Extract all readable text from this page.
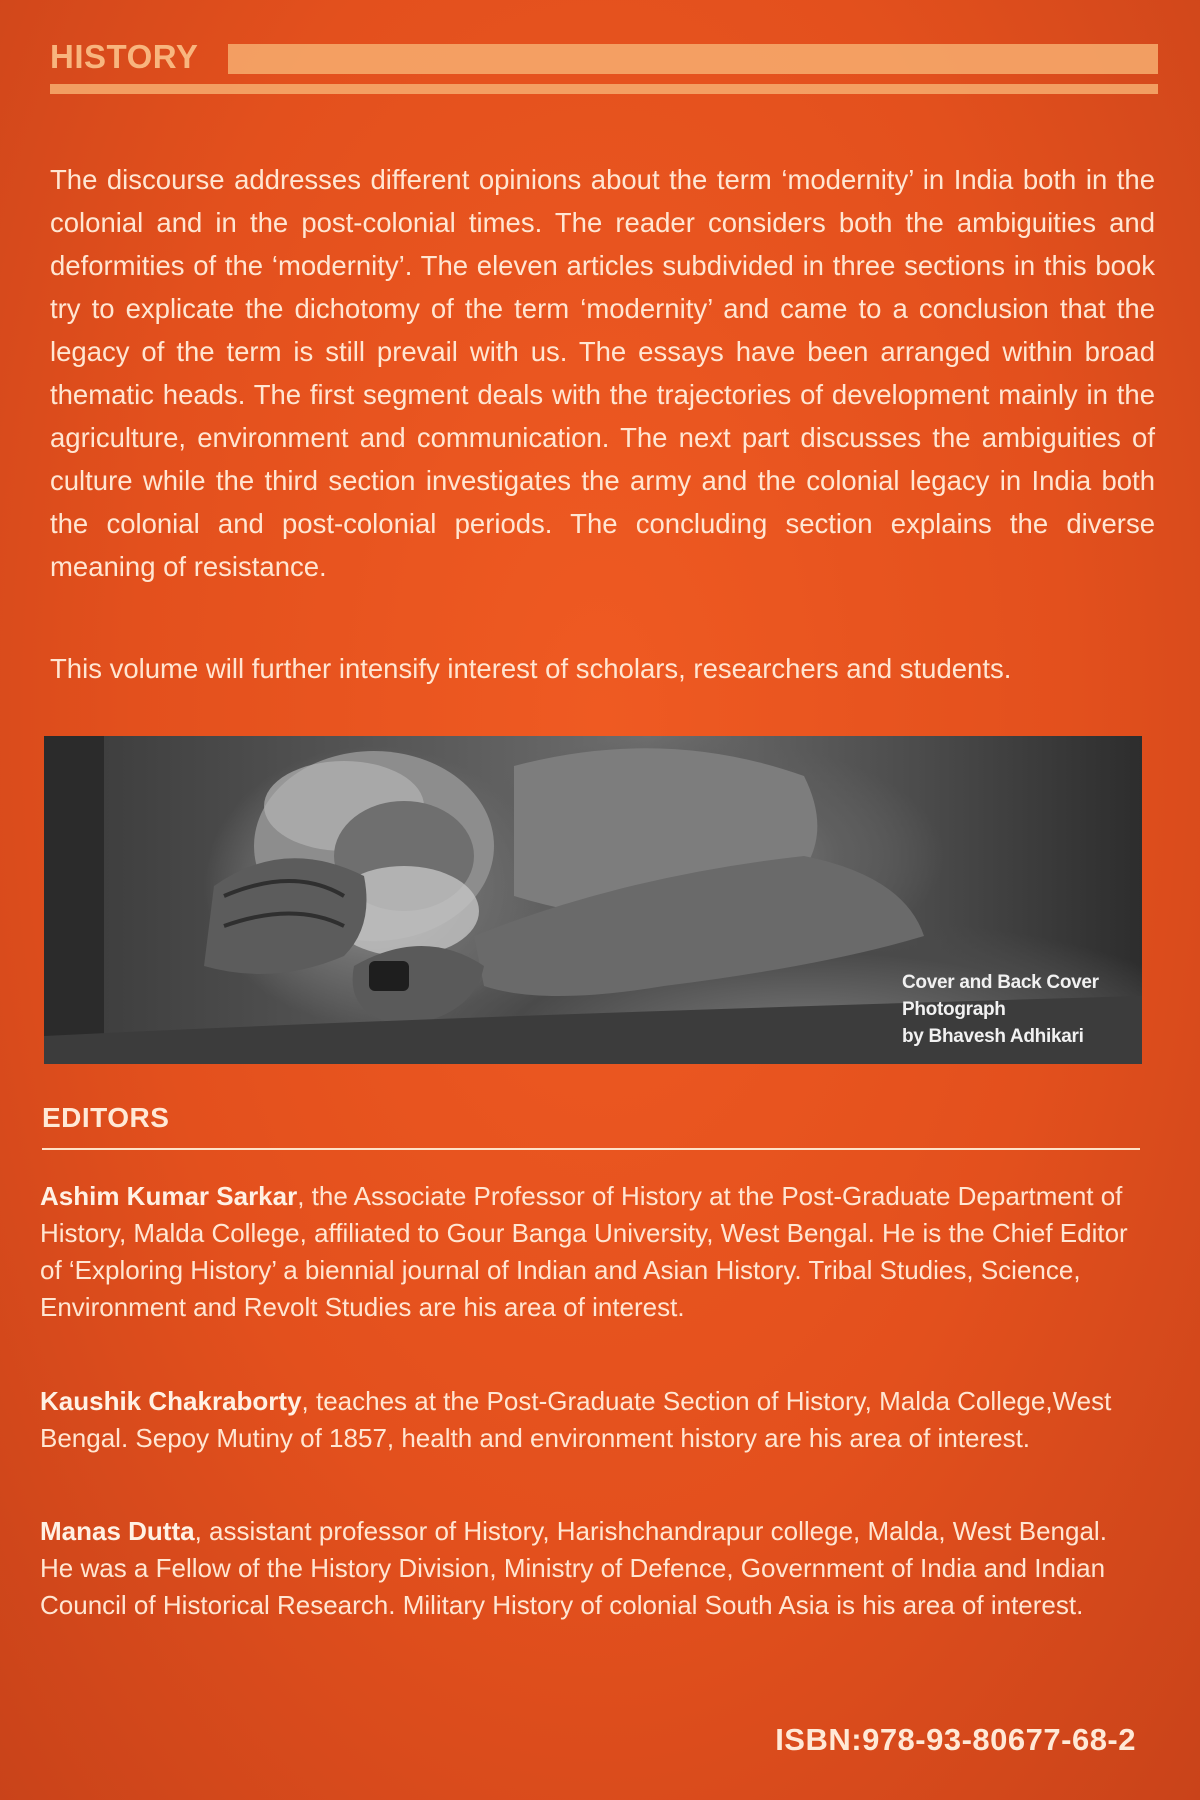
HISTORY

The discourse addresses different opinions about the term ‘modernity’ in India both in the colonial and in the post-colonial times. The reader considers both the ambiguities and deformities of the ‘modernity’. The eleven articles subdivided in three sections in this book try to explicate the dichotomy of the term ‘modernity’ and came to a conclusion that the legacy of the term is still prevail with us. The essays have been arranged within broad thematic heads. The first segment deals with the trajectories of development mainly in the agriculture, environment and communication. The next part discusses the ambiguities of culture while the third section investigates the army and the colonial legacy in India both the colonial and post-colonial periods. The concluding section explains the diverse meaning of resistance.

This volume will further intensify interest of scholars, researchers and students.

Cover and Back Cover
Photograph
by Bhavesh Adhikari
EDITORS

Ashim Kumar Sarkar, the Associate Professor of History at the Post-Graduate Department of History, Malda College, affiliated to Gour Banga University, West Bengal. He is the Chief Editor of ‘Exploring History’ a biennial journal of Indian and Asian History. Tribal Studies, Science, Environment and Revolt Studies are his area of interest.

Kaushik Chakraborty, teaches at the Post-Graduate Section of History, Malda College,West Bengal. Sepoy Mutiny of 1857, health and environment history are his area of interest.

Manas Dutta, assistant professor of History, Harishchandrapur college, Malda, West Bengal. He was a Fellow of the History Division, Ministry of Defence, Government of India and Indian Council of Historical Research. Military History of colonial South Asia is his area of interest.

ISBN:978-93-80677-68-2
